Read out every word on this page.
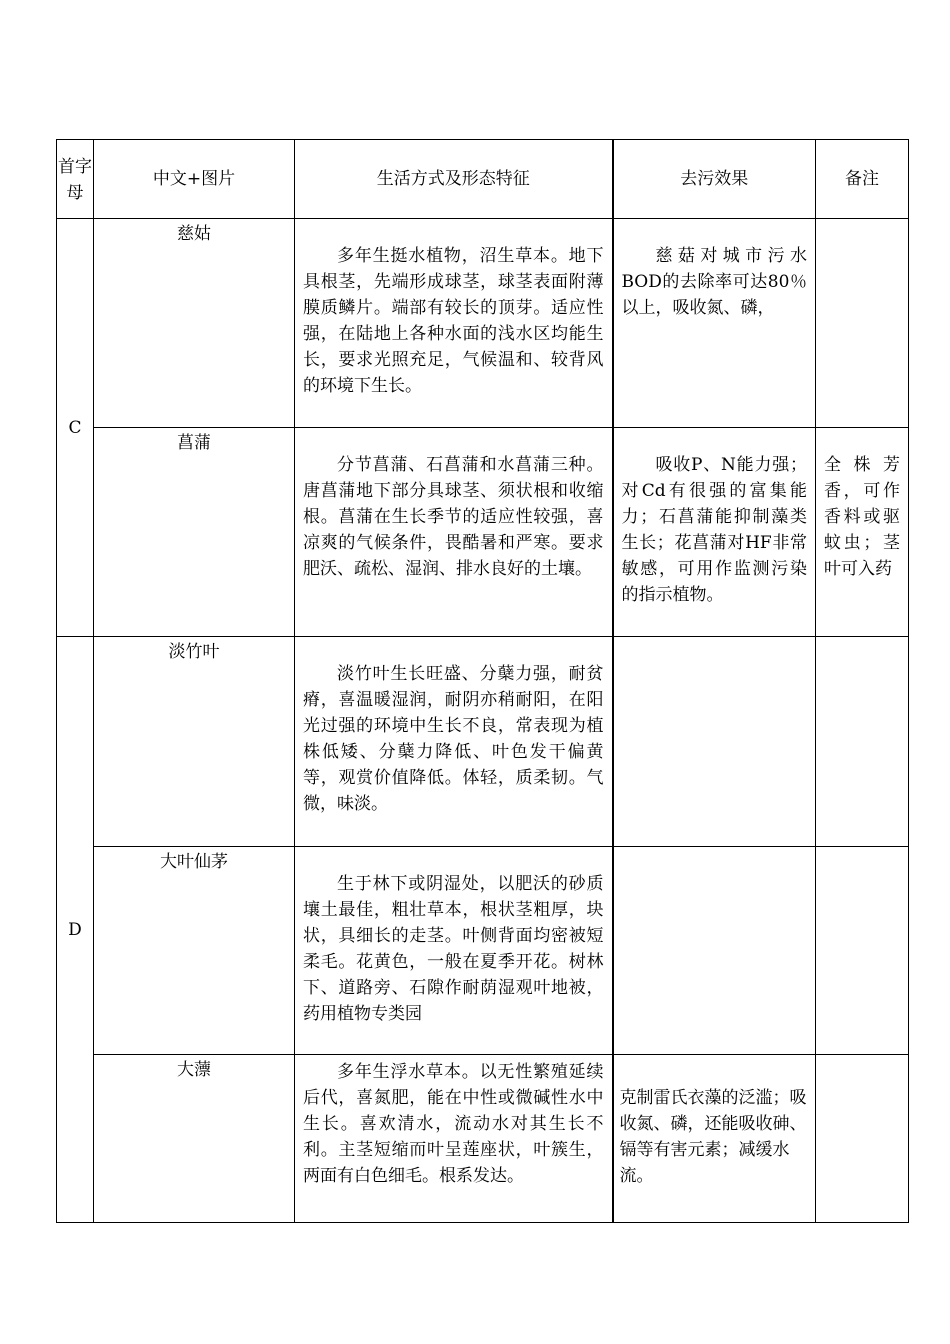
首字母	中文+图片	生活方式及形态特征	去污效果	备注
C	慈姑	多年生挺水植物，沼生草本。地下具根茎，先端形成球茎，球茎表面附薄膜质鳞片。端部有较长的顶芽。适应性强，在陆地上各种水面的浅水区均能生长，要求光照充足，气候温和、较背风的环境下生长。	慈菇对城市污水BOD的去除率可达80％以上，吸收氮、磷，	

	菖蒲	分节菖蒲、石菖蒲和水菖蒲三种。唐菖蒲地下部分具球茎、须状根和收缩根。菖蒲在生长季节的适应性较强，喜凉爽的气候条件，畏酷暑和严寒。要求肥沃、疏松、湿润、排水良好的土壤。	吸收P、N能力强；对Cd有很强的富集能力；石菖蒲能抑制藻类生长；花菖蒲对HF非常敏感，可用作监测污染的指示植物。	全株芳香，可作香料或驱蚊虫；茎叶可入药
D	淡竹叶	淡竹叶生长旺盛、分蘖力强，耐贫瘠，喜温暖湿润，耐阴亦稍耐阳，在阳光过强的环境中生长不良，常表现为植株低矮、分蘖力降低、叶色发干偏黄等，观赏价值降低。体轻，质柔韧。气微，味淡。		

	大叶仙茅	生于林下或阴湿处，以肥沃的砂质壤土最佳，粗壮草本，根状茎粗厚，块状，具细长的走茎。叶侧背面均密被短柔毛。花黄色，一般在夏季开花。树林下、道路旁、石隙作耐荫湿观叶地被，药用植物专类园		

	大薸	多年生浮水草本。以无性繁殖延续后代，喜氮肥，能在中性或微碱性水中生长。喜欢清水，流动水对其生长不利。主茎短缩而叶呈莲座状，叶簇生，两面有白色细毛。根系发达。	克制雷氏衣藻的泛滥；吸收氮、磷，还能吸收砷、镉等有害元素；减缓水流。	
